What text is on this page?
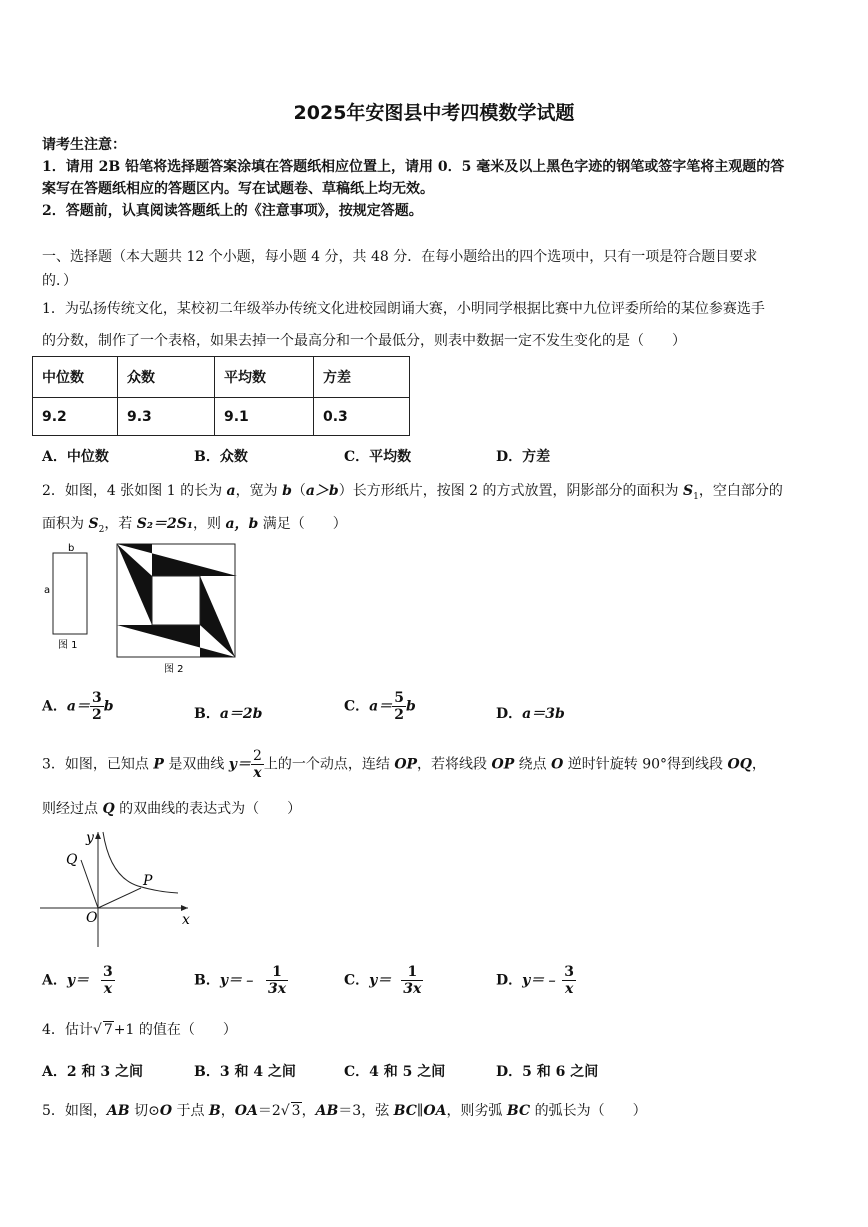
2025年安图县中考四模数学试题
请考生注意：
1．请用 2B 铅笔将选择题答案涂填在答题纸相应位置上，请用 0．5 毫米及以上黑色字迹的钢笔或签字笔将主观题的答
案写在答题纸相应的答题区内。写在试题卷、草稿纸上均无效。
2．答题前，认真阅读答题纸上的《注意事项》，按规定答题。
一、选择题（本大题共 12 个小题，每小题 4 分，共 48 分．在每小题给出的四个选项中，只有一项是符合题目要求
的．）
1．为弘扬传统文化，某校初二年级举办传统文化进校园朗诵大赛，小明同学根据比赛中九位评委所给的某位参赛选手
的分数，制作了一个表格，如果去掉一个最高分和一个最低分，则表中数据一定不发生变化的是（　　）
中位数	众数	平均数	方差
9.2	9.3	9.1	0.3
A．中位数	B．众数	C．平均数	D．方差
2．如图，4 张如图 1 的长为 a，宽为 b（a＞b）长方形纸片，按图 2 的方式放置，阴影部分的面积为 $S_1$，空白部分的
面积为 $S_2$，若 S₂＝2S₁，则 a，b 满足（　　）
b
a
图 1
图 2
A．$a= \frac{3}{2}$ b	B．a＝2b	C．$a= \frac{5}{2}$ b	D．a＝3b
3．如图，已知点 P 是双曲线 $y= \frac{2}{x}$ 上的一个动点，连结 OP，若将线段 OP 绕点 O 逆时针旋转 90°得到线段 OQ，
则经过点 Q 的双曲线的表达式为（　　）
y
x
Q
P
O
A．$y= \frac{3}{x}$	B．y＝﹣ $\frac{1}{3x}$	C．$y= \frac{1}{3x}$	D．y＝﹣ $\frac{3}{x}$
4．估计√ 7+1 的值在（　　）
A．2 和 3 之间	B．3 和 4 之间	C．4 和 5 之间	D．5 和 6 之间
5．如图，AB 切⊙O 于点 B，OA＝2√ 3，AB＝3，弦 BC∥OA，则劣弧 BC 的弧长为（　　）
